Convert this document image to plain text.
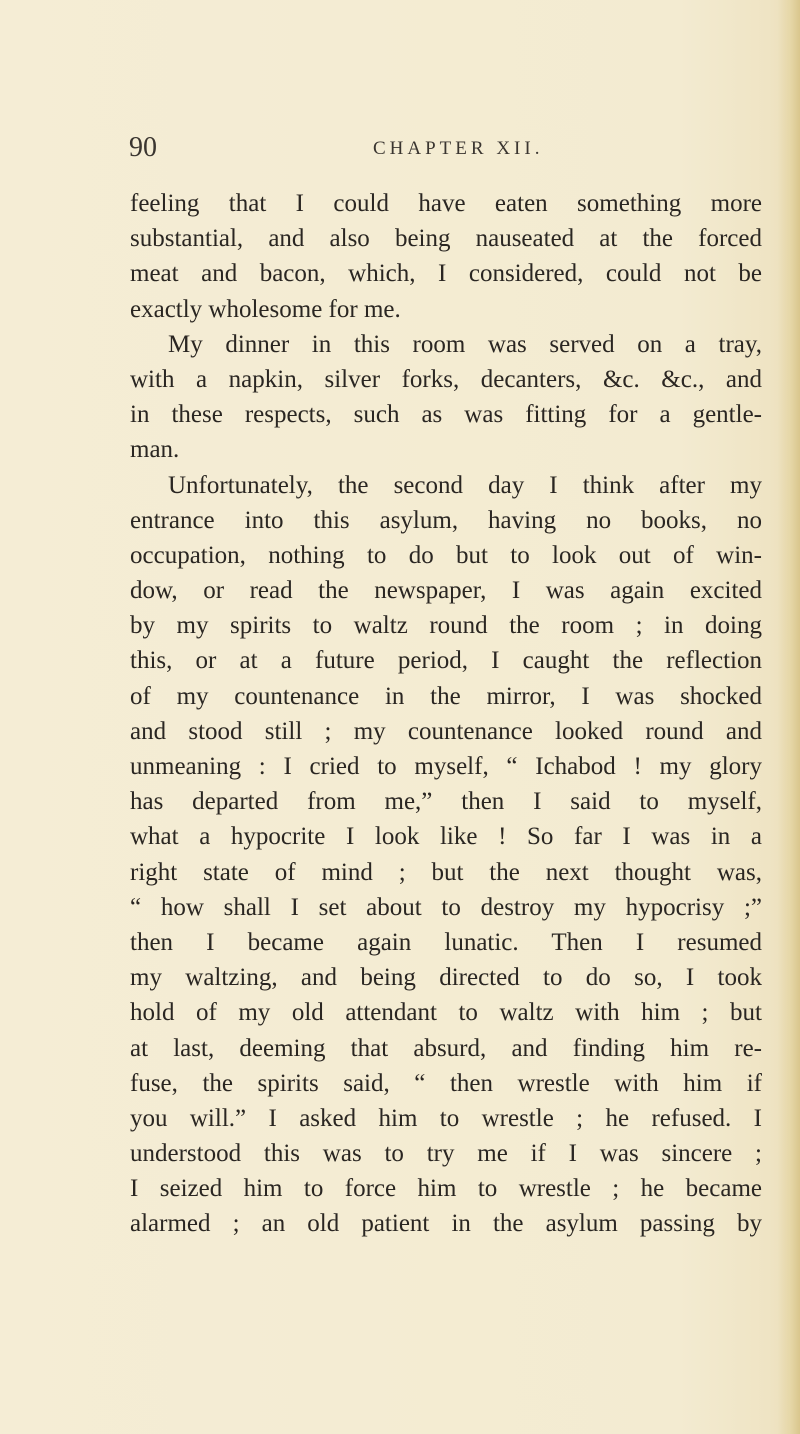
90	CHAPTER XII.
feeling that I could have eaten something more
substantial, and also being nauseated at the forced
meat and bacon, which, I considered, could not be
exactly wholesome for me.
My dinner in this room was served on a tray,
with a napkin, silver forks, decanters, &c. &c., and
in these respects, such as was fitting for a gentle-
man.
Unfortunately, the second day I think after my
entrance into this asylum, having no books, no
occupation, nothing to do but to look out of win-
dow, or read the newspaper, I was again excited
by my spirits to waltz round the room ; in doing
this, or at a future period, I caught the reflection
of my countenance in the mirror, I was shocked
and stood still ; my countenance looked round and
unmeaning : I cried to myself, “ Ichabod ! my glory
has departed from me,” then I said to myself,
what a hypocrite I look like ! So far I was in a
right state of mind ; but the next thought was,
“ how shall I set about to destroy my hypocrisy ;”
then I became again lunatic. Then I resumed
my waltzing, and being directed to do so, I took
hold of my old attendant to waltz with him ; but
at last, deeming that absurd, and finding him re-
fuse, the spirits said, “ then wrestle with him if
you will.” I asked him to wrestle ; he refused. I
understood this was to try me if I was sincere ;
I seized him to force him to wrestle ; he became
alarmed ; an old patient in the asylum passing by
